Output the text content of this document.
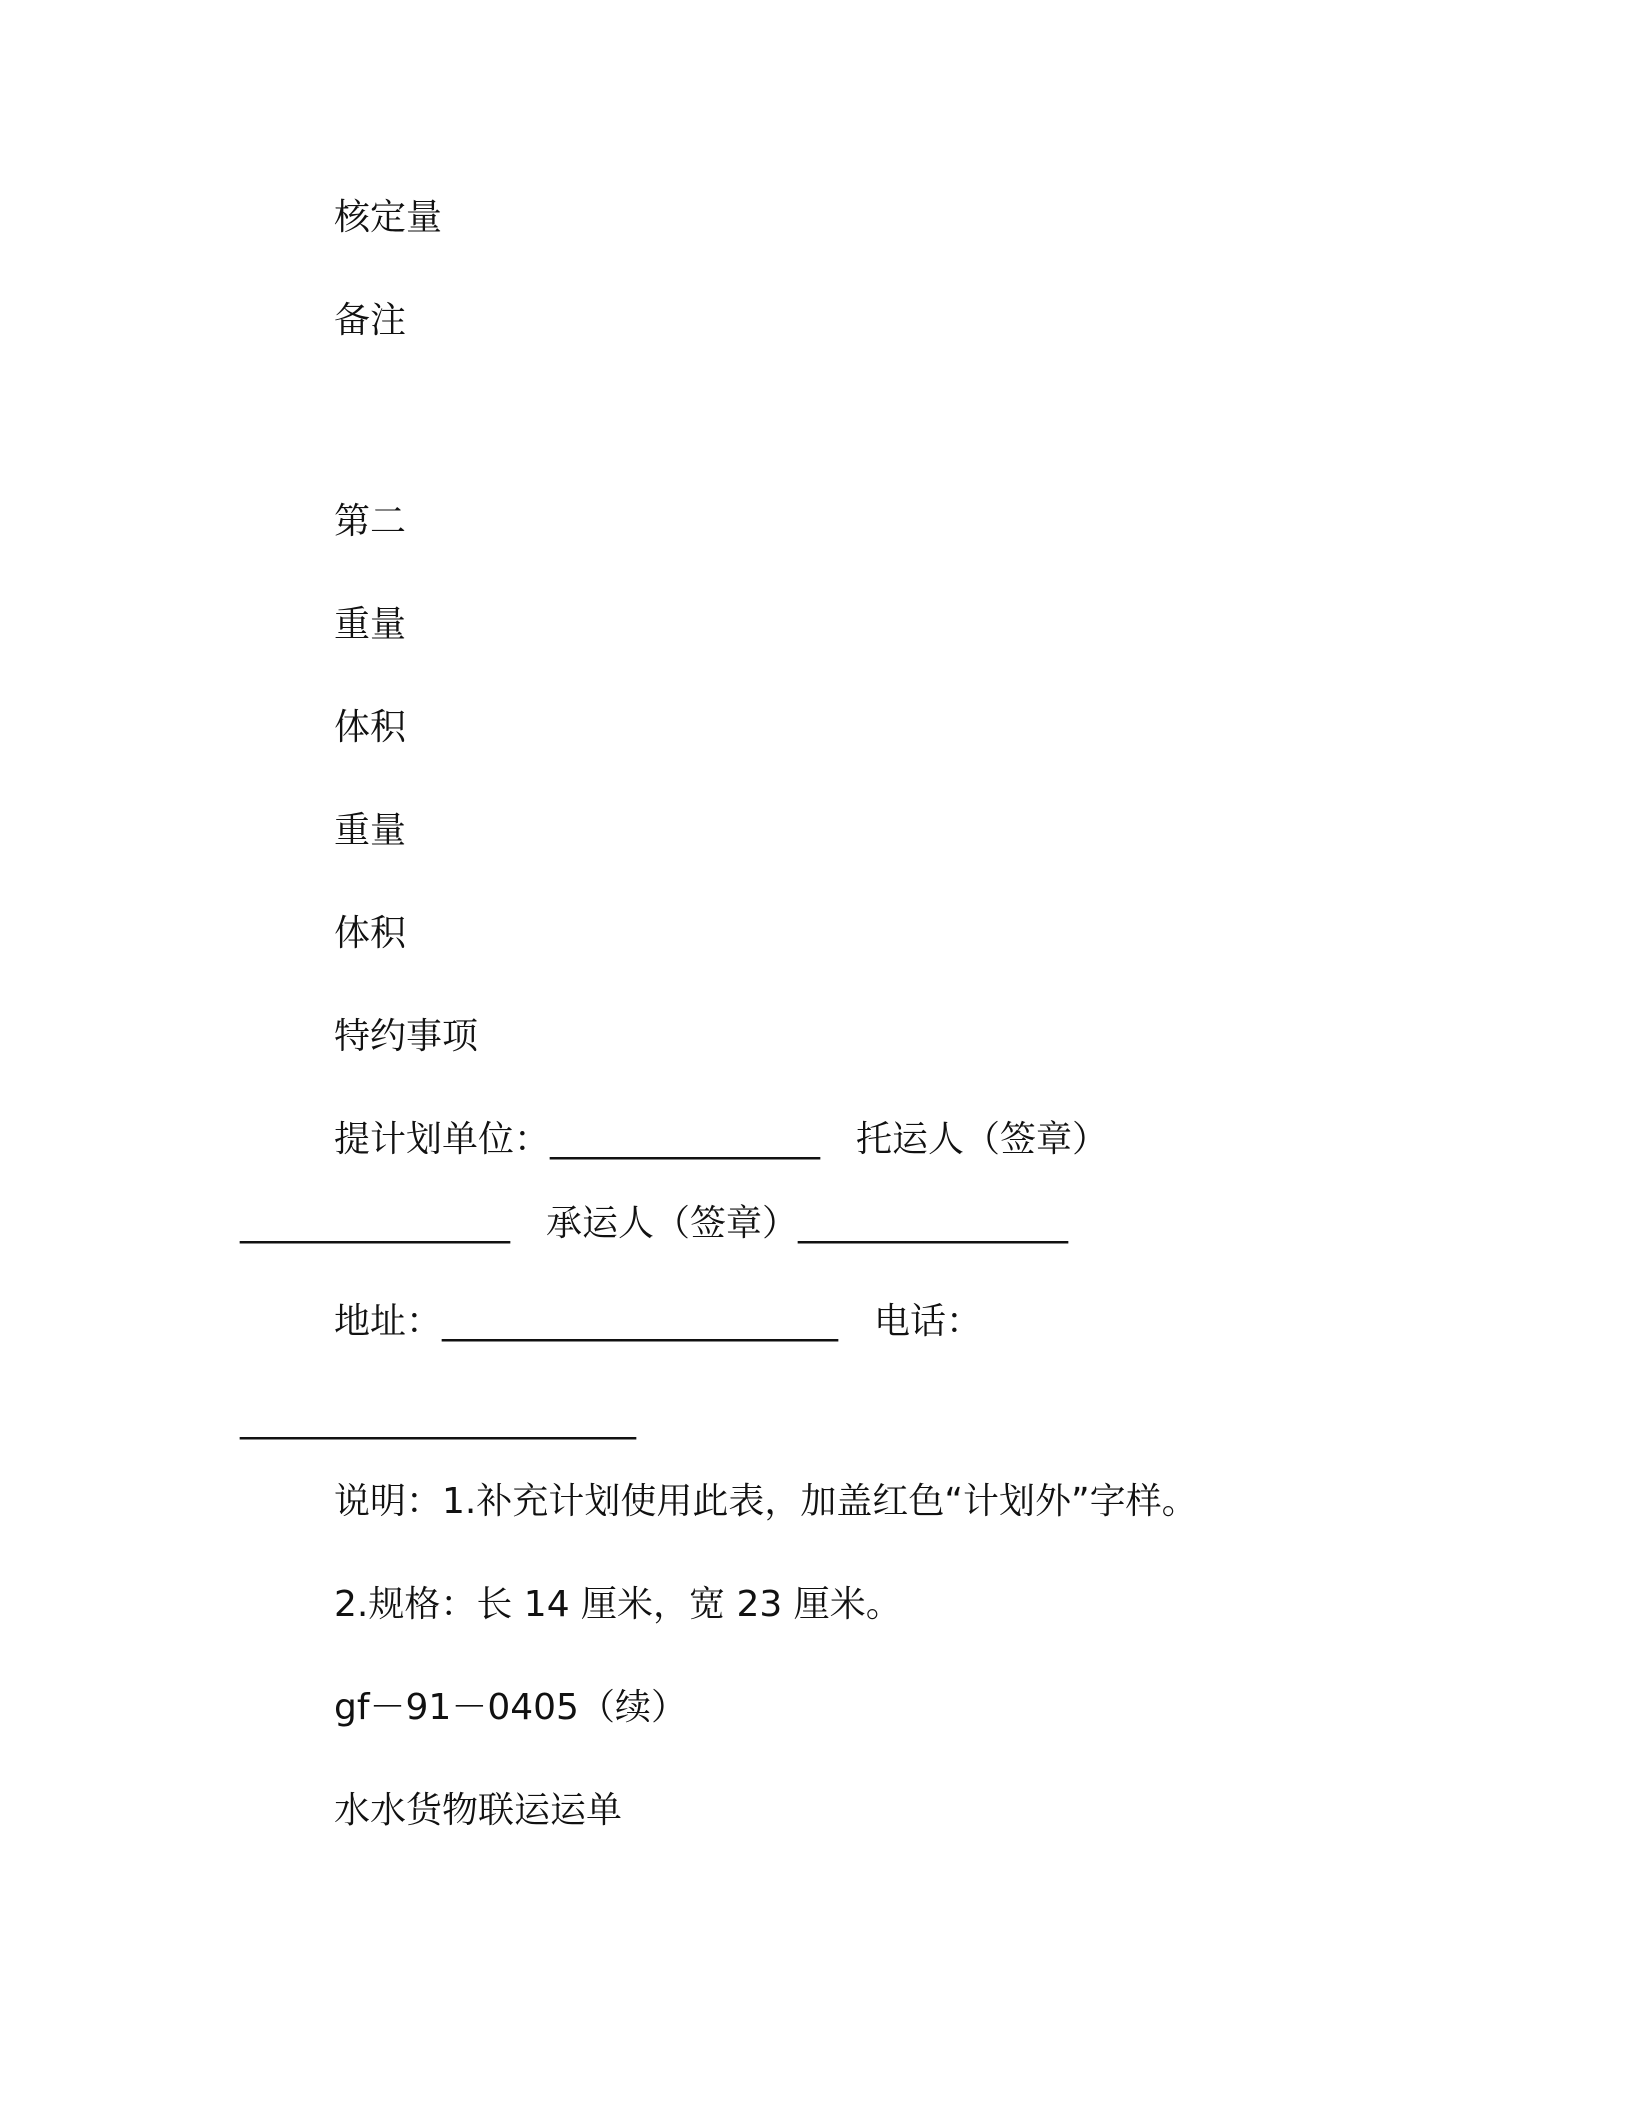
核定量
备注
第二
重量
体积
重量
体积
特约事项
提计划单位：_______________ 托运人（签章）
_______________ 承运人（签章）_______________
地址：______________________ 电话：
______________________
说明：1.补充计划使用此表，加盖红色“计划外”字样。
2.规格：长 14 厘米，宽 23 厘米。
gf－91－0405（续）
水水货物联运运单
